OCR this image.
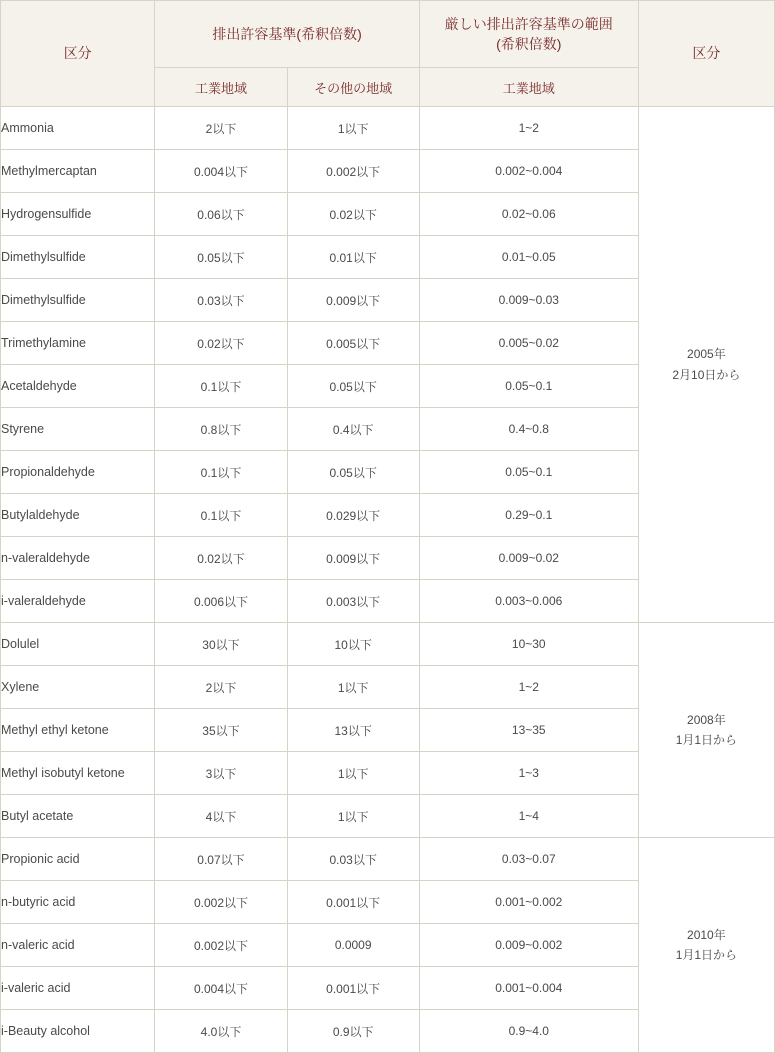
区分	排出許容基準(希釈倍数)		厳しい排出許容基準の範囲
(希釈倍数)	区分
	工業地域	その他の地域	工業地域	
Ammonia	2以下	1以下	1~2	2005年
2月10日から

Methylmercaptan	0.004以下	0.002以下	0.002~0.004	
Hydrogensulfide	0.06以下	0.02以下	0.02~0.06	
Dimethylsulfide	0.05以下	0.01以下	0.01~0.05	
Dimethylsulfide	0.03以下	0.009以下	0.009~0.03	
Trimethylamine	0.02以下	0.005以下	0.005~0.02	
Acetaldehyde	0.1以下	0.05以下	0.05~0.1	
Styrene	0.8以下	0.4以下	0.4~0.8	
Propionaldehyde	0.1以下	0.05以下	0.05~0.1	
Butylaldehyde	0.1以下	0.029以下	0.29~0.1	
n-valeraldehyde	0.02以下	0.009以下	0.009~0.02	
i-valeraldehyde	0.006以下	0.003以下	0.003~0.006	
Dolulel	30以下	10以下	10~30	2008年
1月1日から

Xylene	2以下	1以下	1~2	
Methyl ethyl ketone	35以下	13以下	13~35	
Methyl isobutyl ketone	3以下	1以下	1~3	
Butyl acetate	4以下	1以下	1~4	
Propionic acid	0.07以下	0.03以下	0.03~0.07	2010年
1月1日から

n-butyric acid	0.002以下	0.001以下	0.001~0.002	
n-valeric acid	0.002以下	0.0009	0.009~0.002	
i-valeric acid	0.004以下	0.001以下	0.001~0.004	
i-Beauty alcohol	4.0以下	0.9以下	0.9~4.0	
